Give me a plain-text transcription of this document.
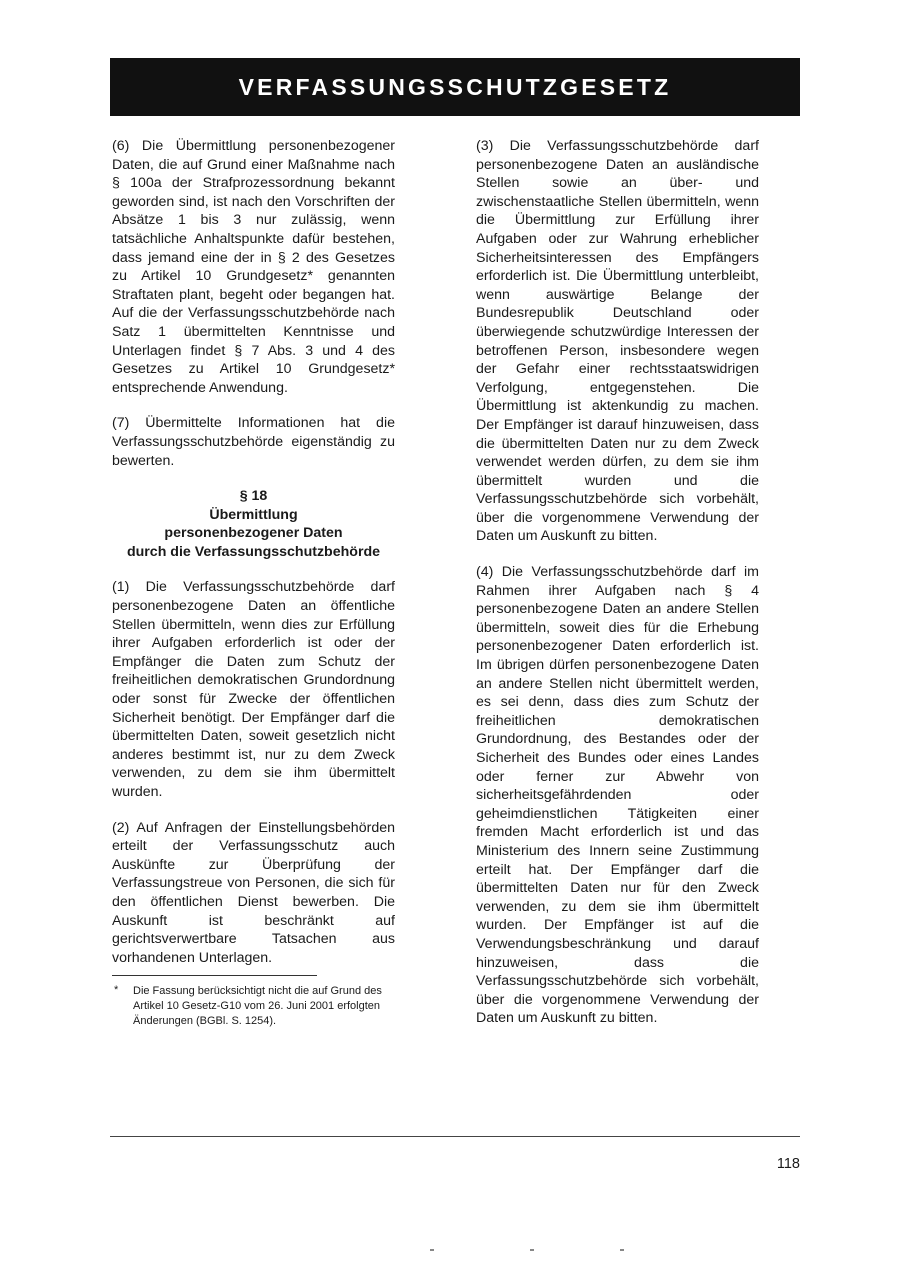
VERFASSUNGSSCHUTZGESETZ

(6) Die Übermittlung personenbezogener Daten, die auf Grund einer Maßnahme nach § 100a der Strafprozessordnung bekannt geworden sind, ist nach den Vorschriften der Absätze 1 bis 3 nur zulässig, wenn tatsächliche Anhaltspunkte dafür bestehen, dass jemand eine der in § 2 des Gesetzes zu Artikel 10 Grundgesetz* genannten Straftaten plant, begeht oder begangen hat. Auf die der Verfassungsschutzbehörde nach Satz 1 übermittelten Kenntnisse und Unterlagen findet § 7 Abs. 3 und 4 des Gesetzes zu Artikel 10 Grundgesetz* entsprechende Anwendung.

(7) Übermittelte Informationen hat die Verfassungsschutzbehörde eigenständig zu bewerten.

§ 18
Übermittlung
personenbezogener Daten
durch die Verfassungsschutzbehörde

(1) Die Verfassungsschutzbehörde darf personenbezogene Daten an öffentliche Stellen übermitteln, wenn dies zur Erfüllung ihrer Aufgaben erforderlich ist oder der Empfänger die Daten zum Schutz der freiheitlichen demokratischen Grundordnung oder sonst für Zwecke der öffentlichen Sicherheit benötigt. Der Empfänger darf die übermittelten Daten, soweit gesetzlich nicht anderes bestimmt ist, nur zu dem Zweck verwenden, zu dem sie ihm übermittelt wurden.

(2) Auf Anfragen der Einstellungsbehörden erteilt der Verfassungsschutz auch Auskünfte zur Überprüfung der Verfassungstreue von Personen, die sich für den öffentlichen Dienst bewerben. Die Auskunft ist beschränkt auf gerichtsverwertbare Tatsachen aus vorhandenen Unterlagen.

* Die Fassung berücksichtigt nicht die auf Grund des Artikel 10 Gesetz-G10 vom 26. Juni 2001 erfolgten Änderungen (BGBl. S. 1254).

(3) Die Verfassungsschutzbehörde darf personenbezogene Daten an ausländische Stellen sowie an über- und zwischenstaatliche Stellen übermitteln, wenn die Übermittlung zur Erfüllung ihrer Aufgaben oder zur Wahrung erheblicher Sicherheitsinteressen des Empfängers erforderlich ist. Die Übermittlung unterbleibt, wenn auswärtige Belange der Bundesrepublik Deutschland oder überwiegende schutzwürdige Interessen der betroffenen Person, insbesondere wegen der Gefahr einer rechtsstaatswidrigen Verfolgung, entgegenstehen. Die Übermittlung ist aktenkundig zu machen. Der Empfänger ist darauf hinzuweisen, dass die übermittelten Daten nur zu dem Zweck verwendet werden dürfen, zu dem sie ihm übermittelt wurden und die Verfassungsschutzbehörde sich vorbehält, über die vorgenommene Verwendung der Daten um Auskunft zu bitten.

(4) Die Verfassungsschutzbehörde darf im Rahmen ihrer Aufgaben nach § 4 personenbezogene Daten an andere Stellen übermitteln, soweit dies für die Erhebung personenbezogener Daten erforderlich ist. Im übrigen dürfen personenbezogene Daten an andere Stellen nicht übermittelt werden, es sei denn, dass dies zum Schutz der freiheitlichen demokratischen Grundordnung, des Bestandes oder der Sicherheit des Bundes oder eines Landes oder ferner zur Abwehr von sicherheitsgefährdenden oder geheimdienstlichen Tätigkeiten einer fremden Macht erforderlich ist und das Ministerium des Innern seine Zustimmung erteilt hat. Der Empfänger darf die übermittelten Daten nur für den Zweck verwenden, zu dem sie ihm übermittelt wurden. Der Empfänger ist auf die Verwendungsbeschränkung und darauf hinzuweisen, dass die Verfassungsschutzbehörde sich vorbehält, über die vorgenommene Verwendung der Daten um Auskunft zu bitten.

118
